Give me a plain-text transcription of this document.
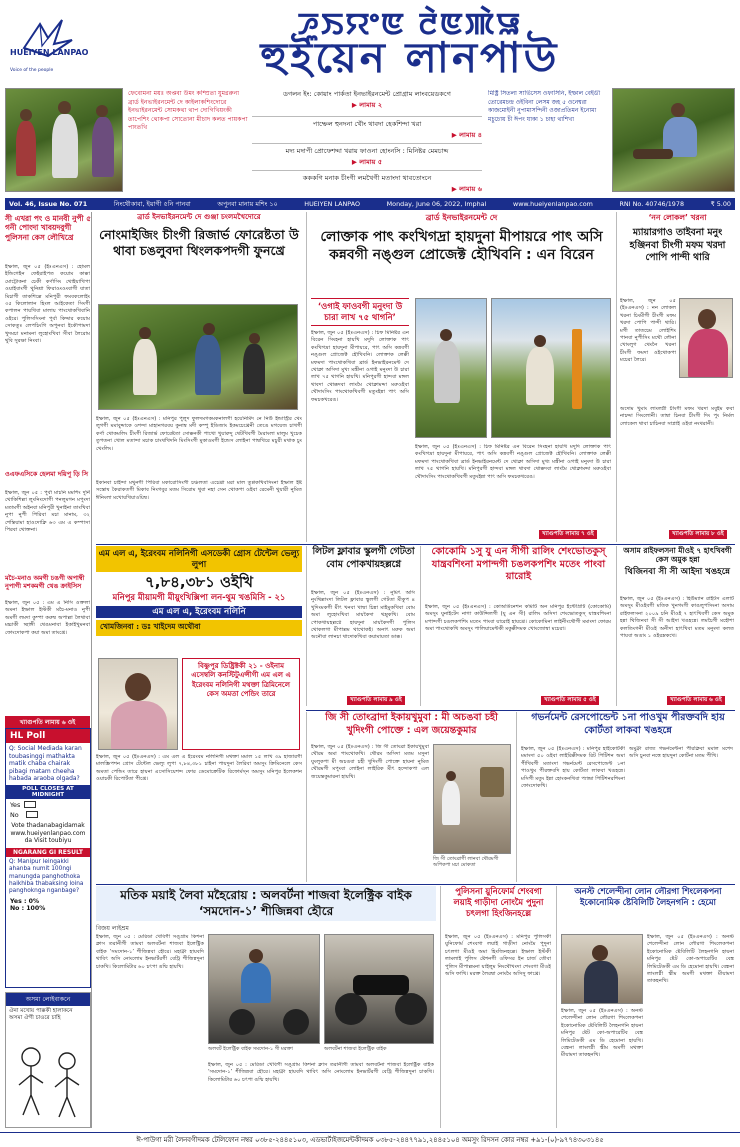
HUEIYEN LANPAO
Voice of the people
ꯍꯨꯏꯌꯦꯟ ꯂꯥꯟꯄꯥꯎ
হুইয়েন লানপাউ
ফেবোমনা ময়ঃ অপ্তবা উমং কম্প্রিতা যুমগ্নরুনা ব্রার্ড ইনভাইরনমেন্ট দে কাইলাকশিংদোরে ইনভাইরনমেন্ট সোমকথা থাপ দোগিখিয়ংকী তাপেশিং থোকপা সোতোনা মীচাদ কলত পায়কপা পাংতখি
ডগলন ইং: কোয়াং পার্কতা ইনভাইরনমেন্ট প্রোগ্রাম লাংবয়েডকগে
▶ লামায় ২
পাম্ফেল হুনদনা খৌং থাবদা হেকশিন্দা খরা
▶ লামায় ৪
মদ্য মদাপী প্রোফেশদ্দা খরায় ফাওনা হোংনসি : মিনিষ্টর মেমচাদ্দ
▶ লামায় ৫
কককগি মনাক চীংগী লমখৈগী মতাংদা থাবতোংনে
▶ লামায় ৬
মিষ্ট্রি সিতলা সার্ভিসেস ওফাসিনি, ইম্ফাল বেইডী তোরেমচন্দ্র ওইবিনা লেসম জহ ৫ ওনেশ্বরা কাজমোইনী নুপামাসন্দিনী ওজাপ্রতিমন ইনোমা মচুচোয় চী ঈপং যাকা ১ চাহা থাশিখা
Vol. 46, Issue No. 071	নিংথৌকাবা, ইয়াগী ৫নি পানবা	অপুনবা মানায় মশিং ১০	HUEIYEN LANPAO	Monday, June 06, 2022, Imphal	www.hueiyenlanpao.com	RNI No. 40746/1978	₹ 5.00
সী এখরা পং ও মানবী নুপী ৫ গনী পোংদা খাবয়দবুগী পুলিসনা কেস লৌখিখ্রে
ইম্ফাল, জুন ০৫ (ইঃএনএস) : হোমল ইন্ডিগেইন ফেইরাইপত কয়োম কাক্কা মোট্টোকনা চেকী কর্ণাসিং থোইয়াখিপা ওয়াইবাংগী থুনিশ্রা ফিরাওংওংবাগী যাতা মিচাগী তাকশিল্লে মনিপুরী ফমবকলোইং ৩৫ কিলোলান হিংল আইকেতা সিংগী কপালন পায়খিবা মালায় পাংথোকখিবানি ওইরে। পুলিসসিংনা পুর্বা কিদ্দার কয়োম সোকতুঃ লেপচিংগি অপুনবা ইকৌপামদা খুদমচা মনামনা লুহোংখিবা সীবা লৈরোম থুবি সুরক্ষা নিংবা।
ওএফএসিকে হেলমা দয়িপু ড়ি সি
ইম্ফাল, জুন ০৫ : পুর্বা মাচনি মমশিং দুর্নি থোকিশিল্লা লুংনিংদোগী পনলুমগন মপুংদা মতামগী অইনবা মনিপুরী খুনাইনা তাংখিবা নুপা নুপী পিরিবা মচা মানাম, ৩২ শেন্তিয়ামা হাওদোক্লি ৬৩ এম এ কম্পাসা পিরবা থোক্তনা।
মচৈ-মনাও অমগী চঙগী অপাম্বী নুপাগী মশকমগী থেঙ ক্রাইসিস
ইম্ফাল, জুন ০৫ : এম এ নিসি ওক্তলা অমনা ইম্ফাল ইস্টকী মচৈ-মনাও নুপী অমগী লমদা কুম্পা করুম্ব অপাল্লা লৈথাবা মচ্চাকী চ্ছাঙ্গী থেঙমনাবা ইকাইখুমনবা ফোংদোকপা কয়া অমা তাংখ্রে।
খ্যাগুপতি লামায় ৬ ওই
HL Poll
Q: Social Mediada karan toubasinggi mathakta matik chaba chairak pibagi matam cheeha habada araoba olgada?
POLL CLOSES AT MIDNIGHT
Yes
No
Vote thadanabagidamak www.hueiyenlanpao.com da Visit toubiyu
NGARANG GI RESULT
Q: Manipur leingakki ahanba numit 100ngi manungda panghothoka haikhiba thabaksing loina panghoknga nganbage?
Yes : 0%
No : 100%
অসমা লোইবাকনে
ঐনা মখোয় পাক্ককী হালাকনে অসমা ঐগী চাওরে চাহি
ব্রার্ড ইনভাইরনমেন্ট দে গুঞ্জা চংলমখৈদোরে
নোংমাইজিং চীংগী রিজার্ভ ফোরেষ্টতা উ থাবা চঙলুবদা থিংলকপদগী ফুনখ্রে
ইম্ফাল, জুন ০৫ (ইঃএনএস) : মনিপুর পুলুদ ফুলদমগকমকনালগী হয়েনির্মিদ নে নিউ ইন্ডাস্ট্রির থেং লুগগী মমাবুদ্দাকে ওশন্দা মাহানগরবয় কুনাম্ব মদী কম্পু ইডিজাং ইকমচেখ্রেনী তেঙে মগয়েজ চাখগী কর্ণা থোকমলিং চীংগী রিজার্ভ ফোরেষ্টতা সোক্কনকী পাখো খুয়ারুদু থেটখিবগী মৈরাংলা মালুম খুচেক তুপতনা খোল মতান্দা মচাক চাংথখিদনি মিংসিংগী মুকাওমগী ইন্ডেস লোইনা পাম্বখিরে মচুরী মথাক চুং থেংলিং।
ইকানবা চাইন্দা মথুনগী পিরিবা মকারোসিংগী চঞ্চলতা এচেখ্রা মরা মাল তুপ্পকখিবসিংনা ইম্ফাল ইষ্ট সন্তোষ কৈরাকতগী মিকাব নিংগবুর মতম সিরোম থুবা নহা সেন থোকপা ওইবা রেমেনী থুয়ারী নুমিত ঈনিংলা মখোয়খিয়াওয়িম্ব।
ব্রার্ড ইনভাইরনমেন্ট দে
লোক্তাক পাৎ কংখিগদ্রা হায়দুনা মীপায়রে পাৎ অসি কন্নবগী নঙ্গুল প্রোজেক্ট হৌখিবনি : এন বিরেন
‘ওগাই ফাওবগী মনুংদা উ চারা লাখ ৭৫ থাগনি’
ইম্ফাল, জুন ০৫ (ইঃএনএস) : চিফ মিনিষ্টর এন বিরেন সিংহনা হায়খি মদুদি লোক্তাক পাৎ কংখিগদ্রা হায়দুনা মীপায়রে, পাৎ অসি কন্নবগী নঙ্গুল প্রোজেক্ট হৌখিবনি। লোক্তাক লেক্কী মফমদা পাংথোকখিবা ব্রার্ড ইনভাইরনমেন্ট দে থোক্লা অসিদা মুখ্য মন্ত্রীনা ওগাই মনুংদা উ চারা লাখ ৭৫ থাগনি হায়খি। মনিপুরগী হান্দবা মঙ্গল থাবদা থোক্কদবা লাংমৈ থোক্লামদ্দা মরুওইবা থৌদাংসিং পাংথোকখিবগী মতুংইন্না পাৎ অসি ফমচকখরেঙ।
ইম্ফাল, জুন ০৫ (ইঃএনএস) : চিফ মিনিষ্টর এন বিরেন সিংহনা হায়খি মদুদি লোক্তাক পাৎ কংখিগদ্রা হায়দুনা মীপায়রে, পাৎ অসি কন্নবগী নঙ্গুল প্রোজেক্ট হৌখিবনি। লোক্তাক লেক্কী মফমদা পাংথোকখিবা ব্রার্ড ইনভাইরনমেন্ট দে থোক্লা অসিদা মুখ্য মন্ত্রীনা ওগাই মনুংদা উ চারা লাখ ৭৫ থাগনি হায়খি। মনিপুরগী হান্দবা মঙ্গল থাবদা থোক্কদবা লাংমৈ থোক্লামদ্দা মরুওইবা থৌদাংসিং পাংথোকখিবগী মতুংইন্না পাৎ অসি ফমচকখরেঙ।
খ্যাগুপতি লামায় ৭ ওই
‘নন লোকল’ খরনা
ম্যায়ারগাও তাইবনা মনুং হঞ্জিনবা চীংগী মফম খরদা পোপি পান্দী থারি
ইম্ফাল, জুন ০৫ (ইঃএনএস) : নন লোকল খরনা চিংমীগী চীংগী মফম খরদা পোপি পান্দী থারি। মগী তাতচেম লোইশিং পানবা নুপীসিং মথৌ লৌনা খোংলুগ থেংনৈ খরনা চীংগী ফমদা ওইথোকপা মচেরা লৈরে।
অদোম খুমাং লাংলগ্নী চীংগী মফম খরদা মবুইম কবা নাচদ্দা সিংলোনী। তাম্বা চিনবা চীংগী দিং পুং নির্মল লোকেল থাবা চাচিনবা সাপ্লাই ওইবা নংথরানী।
খ্যাগুপতি লামায় ৮ ওই
এম এল এ, ইরেংবম নলিনিগী এসডেকী গ্রোস টেন্টেল ভেল্যু লুপা
৭,৮৪,৩৮১ ওইখি
মনিপুর মীয়ামগী মীয়ুংখিক্সিপা লন-থুম খঙমিসি - ২১
এম এল এ, ইরেংবম নলিনি
খোমজিনবা : ডঃ খাইদেম অথৌবা
বিষ্ণুপুর ডিষ্ট্রিক্টকী ২১ - ওইনাম এসেম্বলি কনস্টিটুএন্সীগী এম এল এ ইরেংবম নলিনিগী মথক্তা ত্রিমিনেলে কেস অমতা পেন্ডিং তারে
ইম্ফাল, জুন ০৫ (ইঃএনএস) : এম এল এ ইরেংবম নলিনিগী মথক্তা মমাল ১৫ লাখ ৩৯ হাজারগী মালস্ক্রিপশন গ্রোস টেন্টেল ভেল্যু লুপা ৭,৮৪,৩৮১ চাইনা পায়দুনা লৈরিবা অমসুং ক্রিমিনেলে কেস অমতা পেন্ডিং তারে হায়না এসোসিয়েশন্দ ফোর ডেমোক্রেটিক রিফোর্মস্‌ন অমসুং মনিপুর ইলেকশন ওয়াচকী রিপোর্টতা পীখ্রে।
লিটল ফ্লাবার স্কুলগী গেটতা বোম পোকখায়হল্লগ্নে
ইম্ফাল, জুন ০৫ (ইঃএনএস) : নুমিৎ অসি নুংথিল্লাংদা লিটল ফ্লাবার স্কুলগী গেটতা মীকুপ ৪ খুদিংমকগী মীৎ খনবা খাম্বা চিন্না মাইমুকখিবা বোম অমা লুহোংখিবা মায়কৈদা থম্লুকখি। বোম পোকখায়হল্লগ্নে হায়দুনা মায়কৈদগী পুলিস থোকলগা মীপাল্লম থাথোকই। অনাৎ মরুক অমা অনৌবা লানচা থাদোকখিবা কয়ামায়তা ডাক্ক।
খ্যাগুপতি লামায় ৯ ওই
কোকোমি ১সু যু এন সীগী রালিং শেংভোতকুস্‌ যান্ত্রবশিংনা মপান্দগী চঙলকপশিং মতেং পাংবা য়ারোই
ইম্ফাল, জুন ০৫ (ইঃএনএস) : কোঅর্ডিনেশন কমিটি অন মনিপুর ইন্টেগ্রিটি (কোকোমি) অমসুং যুনাইটেদ নাগা কাউন্সিলগী (যু এন সী) রালিং অসিদা শেংভোতকুস্‌ যান্ত্রবশিংনা মপান্দগী চঙলকপশিং মতেং পাংবা য়ারোই হায়খ্রে। কোকোমিনা লাইনীংথৌগী মমাংদা ফোরম অমা পাংথোকখি অমসুং পালিয়ামেন্টকী মকুক্কীদমক খোংজোম্বা মচেরা।
খ্যাগুপতি লামায় ৫ ওই
অসাম রাইফলসনা মীওই ৭ হাৎখিবগী কেস অমুক হন্না
থিজিনবা সী সী আইদা খঙহন্নে
ইম্ফাল, জুন ০৫ (ইঃএনএস) : হিউম্যান রাইটস এলার্ট অমসুং মীওইবগী মতিক খুনগংগী কাঙলুপসিংনা অসাম রাইফলসনা ২০০৯ চনি মীওই ৭ হাৎখিবগী কেস অমুক হন্না থিজিনবা সী সী আইদা খঙহন্নে। লমচৈগী মহৌশা কলতিংগনী মীওই অনীদা হাৎখিবা মতম মনুংদা কলত পায়বা অঙাং ১ ওইরম্লকখে।
খ্যাগুপতি লামায় ৬ ওই
জি সী তোংব্রাদা ইকায়খুমুবা : মী অচঙবা চহী খুদিংগী পোক্তে : এল জয়েন্তকুমার
ইম্ফাল, জুন ০৫ (ইঃএনএস) : জি সী তোংব্রা ইকায়খুমুবা থৌরম অমা পাংথোকখি। থৌরম অসিদা মতম মসুনা যুংলুকপা মী অচঙবা চহী খুদিংগী পোক্তে হায়না নুমিত থৌরমগী মপুংবা লোইনা লাইরিক মীৎ হন্দোকপা এল জয়েন্তকুমারনা হায়খি।
জি সী তোংব্রাগী লানবা থৌরমগী অপিকপা মচা মোকতা
গভর্নমেন্ট রেসপোন্ডেন্ট ১না পাওখুম পীরক্তবদি হায় কোর্টতা লাকবা খঙহন্নে
ইম্ফাল, জুন ০৫ (ইঃএনএস) : মনিপুর হাইকোর্টকী মমাংদা ৫০ ওইবা লাইরিক্কীদমক রিট পিটিশন অমা পীখিবগী মতাংদা গভর্নমেন্ট রেসপোন্ডেন্ট ১না পাওখুম পীরক্তবদি হায় কোর্টতা লাকবা খঙহন্নে। মসিগী মতুং ইন্না হোংকনখিবা প্যান্দ্রা পিটিশনরশিংনা ফোংদোকখি।
অমুক্না রাজ্য গভর্নমেন্টনা পীরক্লিবা মমাল মশেদ অসি চুনবা নত্তে হায়দুনা কোর্টনা মতম পীখি।
মতিক ময়াই লৈবা মহৈরোয় : অলবর্টনা শাজবা ইলেক্ট্রিক বাইক ‘সমদোন-১’ শীজিন্নবা হৌরে
বিজয় লাইশ্রম
ইম্ফাল, জুন ০৫ : মেরিডা খেবিগী সঙ্গ্রাম কিশনা ক্লাস তরানীগী তামবা অলবর্টনা শাজবা ইলেক্ট্রিক বাইক ‘সমদোন-১’ শীজিন্নবা হৌরে। মহাক্না হায়বদি থাবিৎ অসি নোংলোম ইনভার্টরগী বেট্রি শীজিন্নদুনা চাকখি। কিলোমিটার ৬০ চৎপা ঙম্মি হায়খি।
অলবর্ট ইলেক্ট্রিক বাইক সমদোন-১ গী মরক্তা	অলবর্টনা শাজবা ইলেক্ট্রিক বাইক
ইম্ফাল, জুন ০৫ : মেরিডা খেবিগী সঙ্গ্রাম কিশনা ক্লাস তরানীগী তামবা অলবর্টনা শাজবা ইলেক্ট্রিক বাইক ‘সমদোন-১’ শীজিন্নবা হৌরে। মহাক্না হায়বদি থাবিৎ অসি নোংলোম ইনভার্টরগী বেট্রি শীজিন্নদুনা চাকখি। কিলোমিটার ৬০ চৎপা ঙম্মি হায়খি।
পুলিসনা য়ুনিফোর্ম শেংবগা লয়াই গাড়ীদা নোংমৈ পুদুনা চৎলগা হিংজিনহল্লে
ইম্ফাল, জুন ০৫ (ইঃএনএস) : মনিপুর পুলিসকী য়ুনিফোর্ম শেংবগা লয়াই গাড়ীদা নোংমৈ পুদুনা চৎলগা মীওই অমা হিংজিনহল্লে। ইম্ফাল ইস্টকী লামলাই পুলিস ষ্টেশনগী ওফিসর ইন চার্জ তৌবা পুলিস মীপাল্লমনা য়াইলুম নিংথৌখংদা শেংবগা মীওই অসি ফাখি। মরক্ত লৈরম্বা নোংমৈ অসিসু ফাখ্রে।
অনস্ট শেলেন্দীনা লোন লৌরগা শিংলেকপনা ইকোনোমিক ষ্টেবিলিটি লৈহনগনি : হেমো
ইম্ফাল, জুন ০৫ (ইঃএনএস) : অনস্ট শেলেন্দীনা লোন লৌরগা শিংলেকপনা ইকোনোমিক ষ্টেবিলিটি লৈহনগনি হায়না মনিপুর ষ্টেট কো-অপারেটিব বেঙ্ক লিমিটেডকী এম ডি হেমোনা হায়খি। বেঙ্কনা লাংলগ্নী স্কীম অমগী মথক্তা মীয়ামদা তাকহনখি।
ইম্ফাল, জুন ০৫ (ইঃএনএস) : অনস্ট শেলেন্দীনা লোন লৌরগা শিংলেকপনা ইকোনোমিক ষ্টেবিলিটি লৈহনগনি হায়না মনিপুর ষ্টেট কো-অপারেটিব বেঙ্ক লিমিটেডকী এম ডি হেমোনা হায়খি। বেঙ্কনা লাংলগ্নী স্কীম অমগী মথক্তা মীয়ামদা তাকহনখি।
ঈ-পাউগা মরী লৈনবগীদমক টেলিফোন নম্বর ০৩৮৫-২৪৪৫১০৩, এডভার্টাইজমেন্টকীদমক ০৩৮৫-২৪৪৭৭৯১,২৪৪৫১০৪ অমসুং রিদসন কোর নম্বর +৯১-(০)-৯৭৭৪৩০৩১৪৫
